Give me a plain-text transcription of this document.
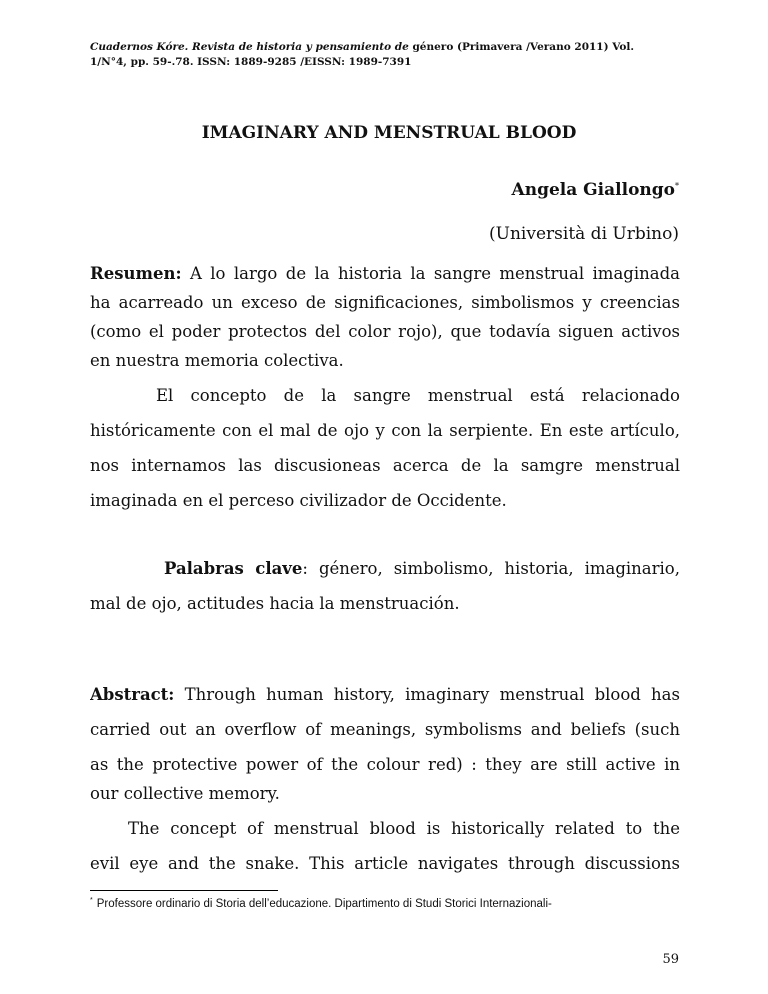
Cuadernos Kóre. Revista de historia y pensamiento de género (Primavera /Verano 2011) Vol.
1/N°4, pp. 59-.78. ISSN: 1889-9285 /EISSN: 1989-7391
IMAGINARY AND MENSTRUAL BLOOD
Angela Giallongo*
(Università di Urbino)
Resumen: A lo largo de la historia la sangre menstrual imaginada
ha acarreado un exceso de significaciones, simbolismos y creencias
(como el poder protectos del color rojo), que todavía siguen activos
en nuestra memoria colectiva.
El concepto de la sangre menstrual está relacionado
históricamente con el mal de ojo y con la serpiente. En este artículo,
nos internamos las discusioneas acerca de la samgre menstrual
imaginada en el perceso civilizador de Occidente.
Palabras clave: género, simbolismo, historia, imaginario,
mal de ojo, actitudes hacia la menstruación.
Abstract: Through human history, imaginary menstrual blood has
carried out an overflow of meanings, symbolisms and beliefs (such
as the protective power of the colour red) : they are still active in
our collective memory.
The concept of menstrual blood is historically related to the
evil eye and the snake. This article navigates through discussions
* Professore ordinario di Storia dell’educazione. Dipartimento di Studi Storici Internazionali-
59
